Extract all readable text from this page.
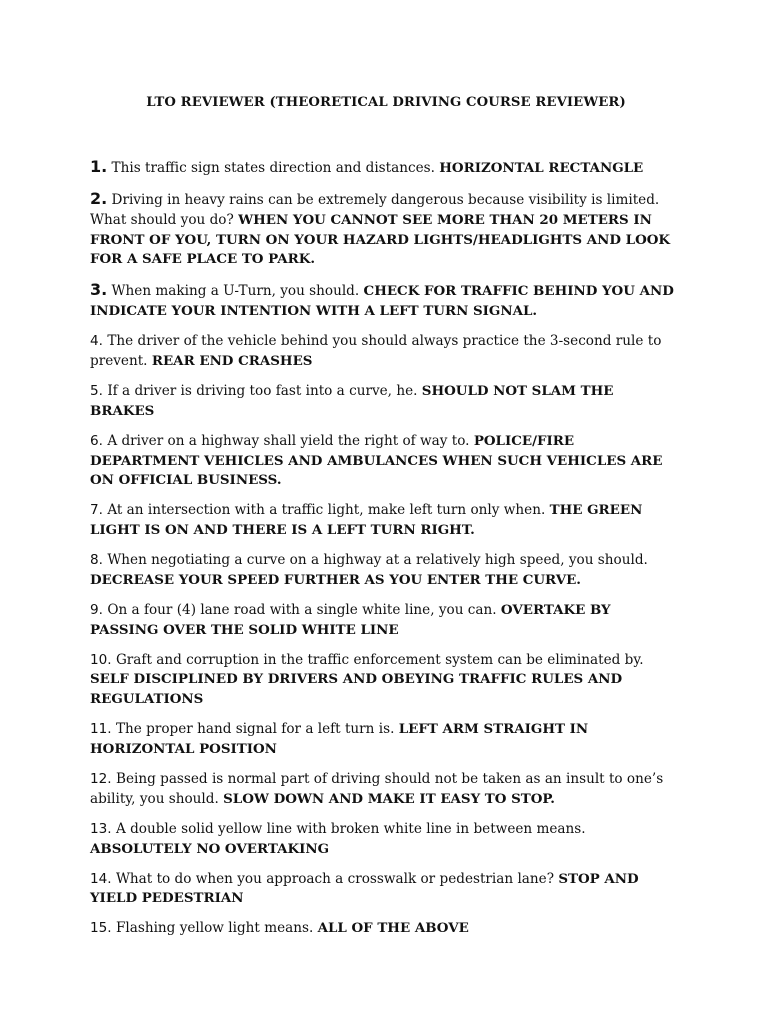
LTO REVIEWER (THEORETICAL DRIVING COURSE REVIEWER)
1. This traffic sign states direction and distances. HORIZONTAL RECTANGLE
2. Driving in heavy rains can be extremely dangerous because visibility is limited. What should you do? WHEN YOU CANNOT SEE MORE THAN 20 METERS IN FRONT OF YOU, TURN ON YOUR HAZARD LIGHTS/HEADLIGHTS AND LOOK FOR A SAFE PLACE TO PARK.
3. When making a U-Turn, you should. CHECK FOR TRAFFIC BEHIND YOU AND INDICATE YOUR INTENTION WITH A LEFT TURN SIGNAL.
4. The driver of the vehicle behind you should always practice the 3-second rule to prevent. REAR END CRASHES
5. If a driver is driving too fast into a curve, he. SHOULD NOT SLAM THE BRAKES
6. A driver on a highway shall yield the right of way to. POLICE/FIRE DEPARTMENT VEHICLES AND AMBULANCES WHEN SUCH VEHICLES ARE ON OFFICIAL BUSINESS.
7. At an intersection with a traffic light, make left turn only when. THE GREEN LIGHT IS ON AND THERE IS A LEFT TURN RIGHT.
8. When negotiating a curve on a highway at a relatively high speed, you should. DECREASE YOUR SPEED FURTHER AS YOU ENTER THE CURVE.
9. On a four (4) lane road with a single white line, you can. OVERTAKE BY PASSING OVER THE SOLID WHITE LINE
10. Graft and corruption in the traffic enforcement system can be eliminated by. SELF DISCIPLINED BY DRIVERS AND OBEYING TRAFFIC RULES AND REGULATIONS
11. The proper hand signal for a left turn is. LEFT ARM STRAIGHT IN HORIZONTAL POSITION
12. Being passed is normal part of driving should not be taken as an insult to one’s ability, you should. SLOW DOWN AND MAKE IT EASY TO STOP.
13. A double solid yellow line with broken white line in between means. ABSOLUTELY NO OVERTAKING
14. What to do when you approach a crosswalk or pedestrian lane? STOP AND YIELD PEDESTRIAN
15. Flashing yellow light means. ALL OF THE ABOVE
